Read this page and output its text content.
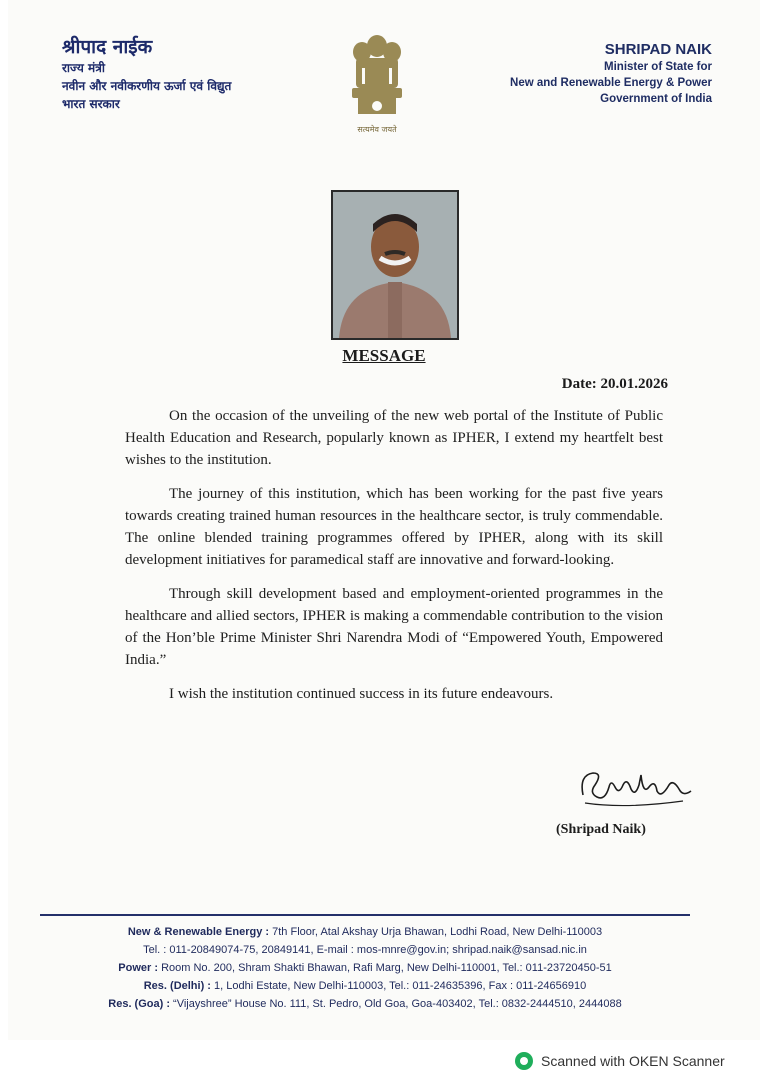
श्रीपाद नाईक
राज्य मंत्री
नवीन और नवीकरणीय ऊर्जा एवं विद्युत
भारत सरकार
सत्यमेव जयते
SHRIPAD NAIK
Minister of State for
New and Renewable Energy & Power
Government of India
MESSAGE
Date: 20.01.2026

On the occasion of the unveiling of the new web portal of the Institute of Public Health Education and Research, popularly known as IPHER, I extend my heartfelt best wishes to the institution.

The journey of this institution, which has been working for the past five years towards creating trained human resources in the healthcare sector, is truly commendable. The online blended training programmes offered by IPHER, along with its skill development initiatives for paramedical staff are innovative and forward-looking.

Through skill development based and employment-oriented programmes in the healthcare and allied sectors, IPHER is making a commendable contribution to the vision of the Hon’ble Prime Minister Shri Narendra Modi of “Empowered Youth, Empowered India.”

I wish the institution continued success in its future endeavours.

(Shripad Naik)
New & Renewable Energy : 7th Floor, Atal Akshay Urja Bhawan, Lodhi Road, New Delhi-110003
Tel. : 011-20849074-75, 20849141, E-mail : mos-mnre@gov.in; shripad.naik@sansad.nic.in
Power : Room No. 200, Shram Shakti Bhawan, Rafi Marg, New Delhi-110001, Tel.: 011-23720450-51
Res. (Delhi) : 1, Lodhi Estate, New Delhi-110003, Tel.: 011-24635396, Fax : 011-24656910
Res. (Goa) : “Vijayshree” House No. 111, St. Pedro, Old Goa, Goa-403402, Tel.: 0832-2444510, 2444088
Scanned with OKEN Scanner
